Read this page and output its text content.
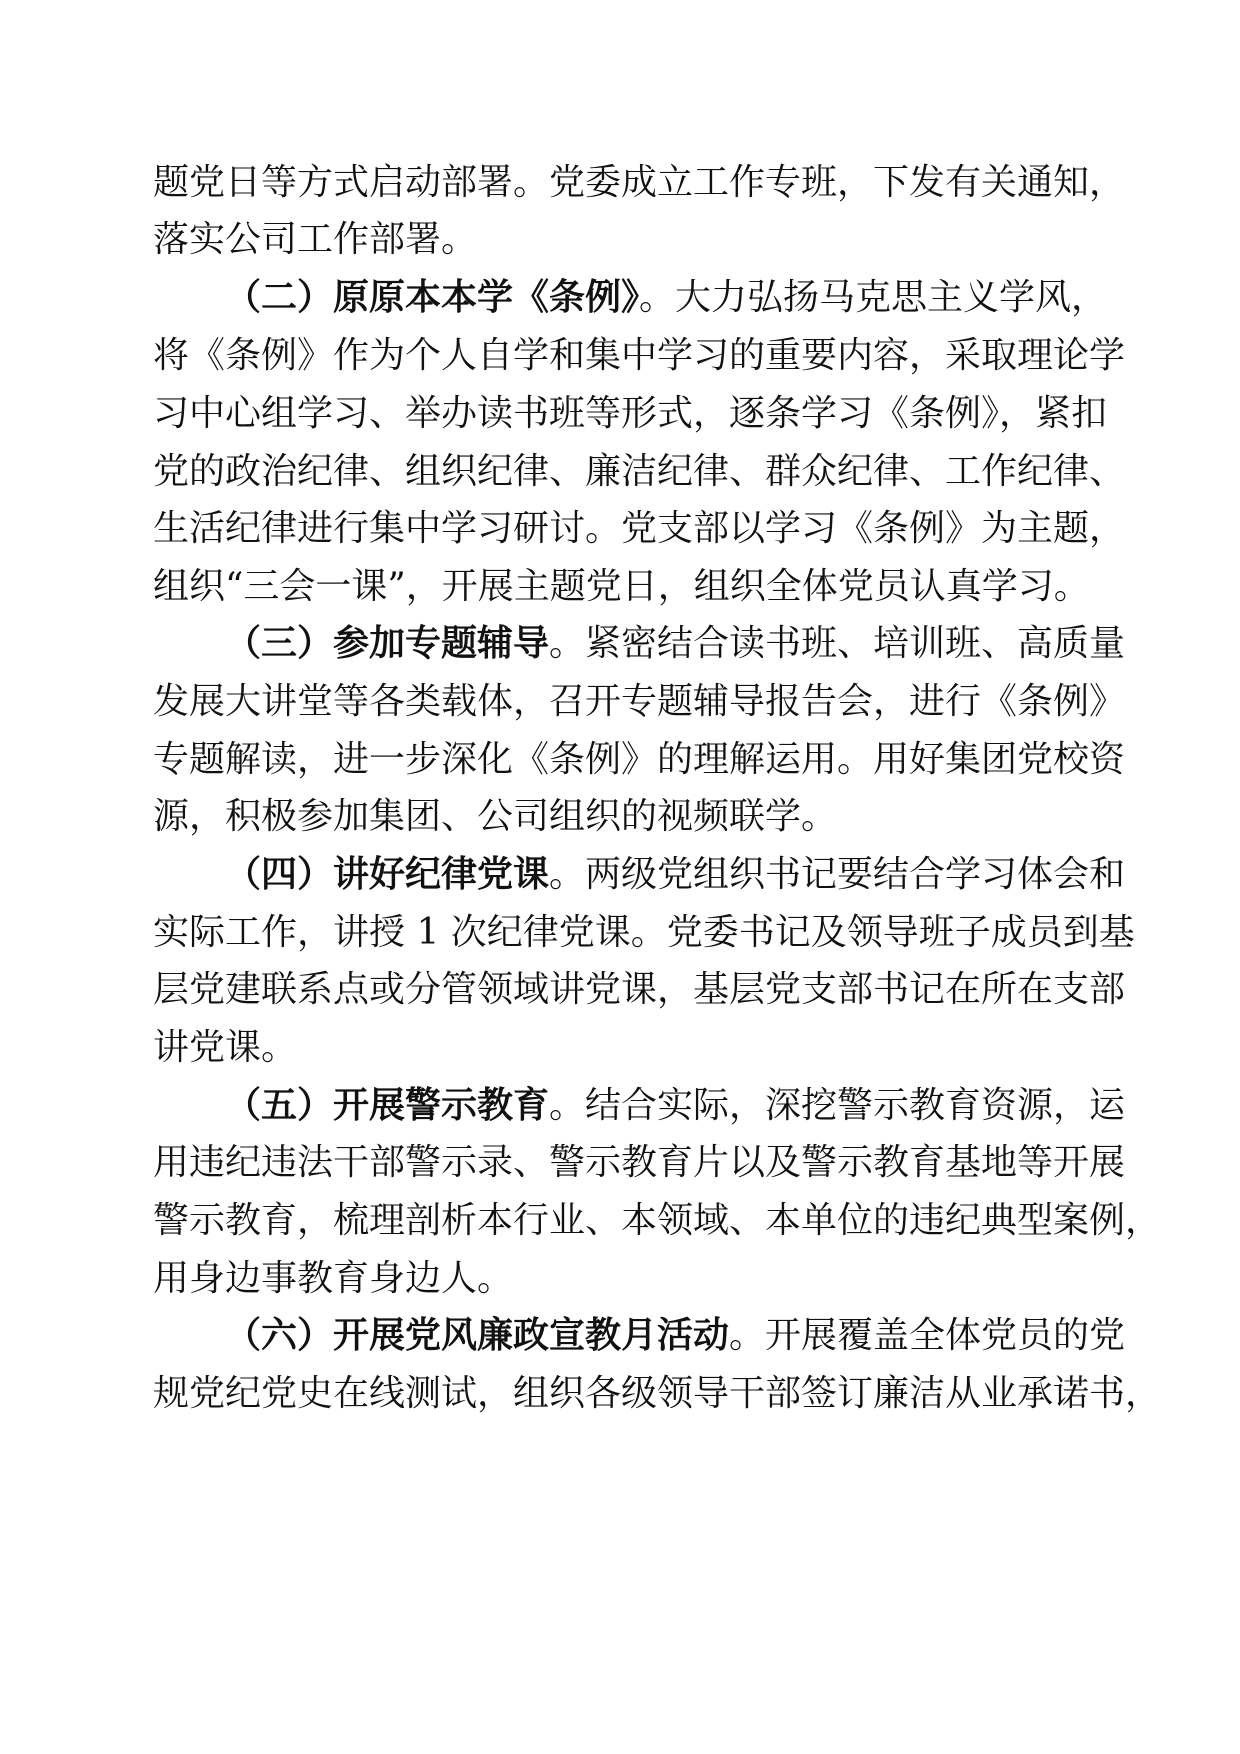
题党日等方式启动部署。党委成立工作专班，下发有关通知，
落实公司工作部署。
（二）原原本本学《条例》。大力弘扬马克思主义学风，
将《条例》作为个人自学和集中学习的重要内容，采取理论学
习中心组学习、举办读书班等形式，逐条学习《条例》，紧扣
党的政治纪律、组织纪律、廉洁纪律、群众纪律、工作纪律、
生活纪律进行集中学习研讨。党支部以学习《条例》为主题，
组织“三会一课”，开展主题党日，组织全体党员认真学习。
（三）参加专题辅导。紧密结合读书班、培训班、高质量
发展大讲堂等各类载体，召开专题辅导报告会，进行《条例》
专题解读，进一步深化《条例》的理解运用。用好集团党校资
源，积极参加集团、公司组织的视频联学。
（四）讲好纪律党课。两级党组织书记要结合学习体会和
实际工作，讲授 1 次纪律党课。党委书记及领导班子成员到基
层党建联系点或分管领域讲党课，基层党支部书记在所在支部
讲党课。
（五）开展警示教育。结合实际，深挖警示教育资源，运
用违纪违法干部警示录、警示教育片以及警示教育基地等开展
警示教育，梳理剖析本行业、本领域、本单位的违纪典型案例，
用身边事教育身边人。
（六）开展党风廉政宣教月活动。开展覆盖全体党员的党
规党纪党史在线测试，组织各级领导干部签订廉洁从业承诺书，
